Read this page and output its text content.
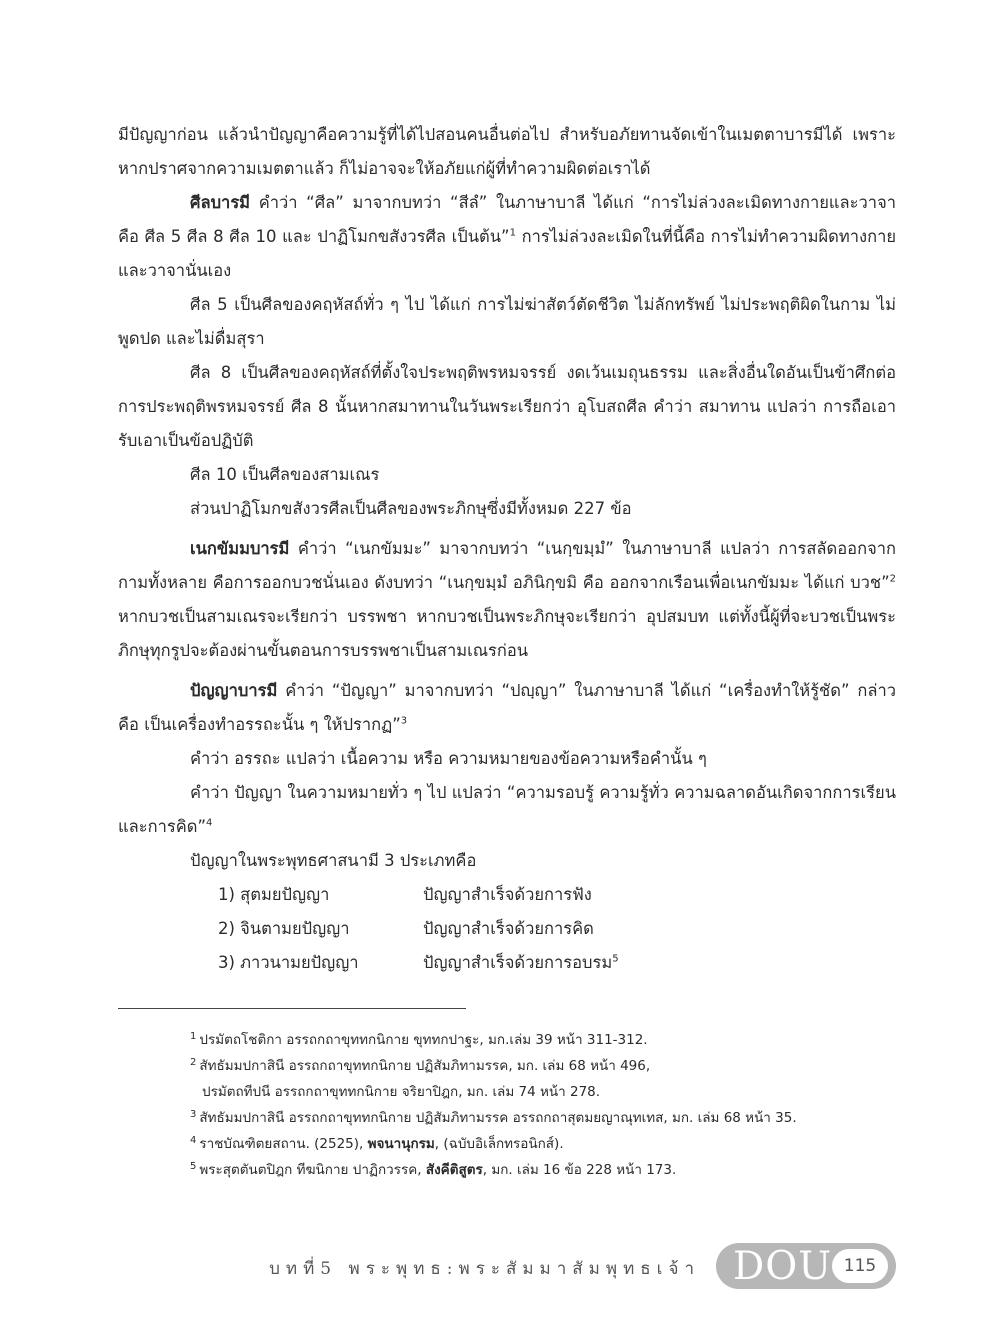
มีปัญญาก่อน แล้วนำปัญญาคือความรู้ที่ได้ไปสอนคนอื่นต่อไป สำหรับอภัยทานจัดเข้าในเมตตาบารมีได้ เพราะหากปราศจากความเมตตาแล้ว ก็ไม่อาจจะให้อภัยแก่ผู้ที่ทำความผิดต่อเราได้

ศีลบารมี คำว่า “ศีล” มาจากบทว่า “สีลํ” ในภาษาบาลี ได้แก่ “การไม่ล่วงละเมิดทางกายและวาจา คือ ศีล 5 ศีล 8 ศีล 10 และ ปาฏิโมกขสังวรศีล เป็นต้น”$^1$ การไม่ล่วงละเมิดในที่นี้คือ การไม่ทำความผิดทางกายและวาจานั่นเอง

ศีล 5 เป็นศีลของคฤหัสถ์ทั่ว ๆ ไป ได้แก่ การไม่ฆ่าสัตว์ตัดชีวิต ไม่ลักทรัพย์ ไม่ประพฤติผิดในกาม ไม่พูดปด และไม่ดื่มสุรา

ศีล 8 เป็นศีลของคฤหัสถ์ที่ตั้งใจประพฤติพรหมจรรย์ งดเว้นเมถุนธรรม และสิ่งอื่นใดอันเป็นข้าศึกต่อการประพฤติพรหมจรรย์ ศีล 8 นั้นหากสมาทานในวันพระเรียกว่า อุโบสถศีล คำว่า สมาทาน แปลว่า การถือเอารับเอาเป็นข้อปฏิบัติ

ศีล 10 เป็นศีลของสามเณร

ส่วนปาฏิโมกขสังวรศีลเป็นศีลของพระภิกษุซึ่งมีทั้งหมด 227 ข้อ

เนกขัมมบารมี คำว่า “เนกขัมมะ” มาจากบทว่า “เนกฺขมฺมํ” ในภาษาบาลี แปลว่า การสลัดออกจากกามทั้งหลาย คือการออกบวชนั่นเอง ดังบทว่า “เนกฺขมฺมํ อภินิกฺขมิ คือ ออกจากเรือนเพื่อเนกขัมมะ ได้แก่ บวช”$^2$ หากบวชเป็นสามเณรจะเรียกว่า บรรพชา หากบวชเป็นพระภิกษุจะเรียกว่า อุปสมบท แต่ทั้งนี้ผู้ที่จะบวชเป็นพระภิกษุทุกรูปจะต้องผ่านขั้นตอนการบรรพชาเป็นสามเณรก่อน

ปัญญาบารมี คำว่า “ปัญญา” มาจากบทว่า “ปญฺญา” ในภาษาบาลี ได้แก่ “เครื่องทำให้รู้ชัด” กล่าวคือ เป็นเครื่องทำอรรถะนั้น ๆ ให้ปรากฏ”$^3$

คำว่า อรรถะ แปลว่า เนื้อความ หรือ ความหมายของข้อความหรือคำนั้น ๆ

คำว่า ปัญญา ในความหมายทั่ว ๆ ไป แปลว่า “ความรอบรู้ ความรู้ทั่ว ความฉลาดอันเกิดจากการเรียนและการคิด”$^4$

ปัญญาในพระพุทธศาสนามี 3 ประเภทคือ

1) สุตมยปัญญา	ปัญญาสำเร็จด้วยการฟัง
2) จินตามยปัญญา	ปัญญาสำเร็จด้วยการคิด
3) ภาวนามยปัญญา	ปัญญาสำเร็จด้วยการอบรม$^5$

$^1$ ปรมัตถโชติกา อรรถกถาขุททกนิกาย ขุททกปาฐะ, มก.เล่ม 39 หน้า 311-312.

$^2$ สัทธัมมปกาสินี อรรถกถาขุททกนิกาย ปฏิสัมภิทามรรค, มก. เล่ม 68 หน้า 496,

ปรมัตถทีปนี อรรถกถาขุททกนิกาย จริยาปิฎก, มก. เล่ม 74 หน้า 278.

$^3$ สัทธัมมปกาสินี อรรถกถาขุททกนิกาย ปฏิสัมภิทามรรค อรรถกถาสุตมยญาณุทเทส, มก. เล่ม 68 หน้า 35.

$^4$ ราชบัณฑิตยสถาน. (2525), พจนานุกรม, (ฉบับอิเล็กทรอนิกส์).

$^5$ พระสุตตันตปิฎก ทีฆนิกาย ปาฏิกวรรค, สังคีติสูตร, มก. เล่ม 16 ข้อ 228 หน้า 173.

บทที่5 พระพุทธ:พระสัมมาสัมพุทธเจ้า DOU 115
